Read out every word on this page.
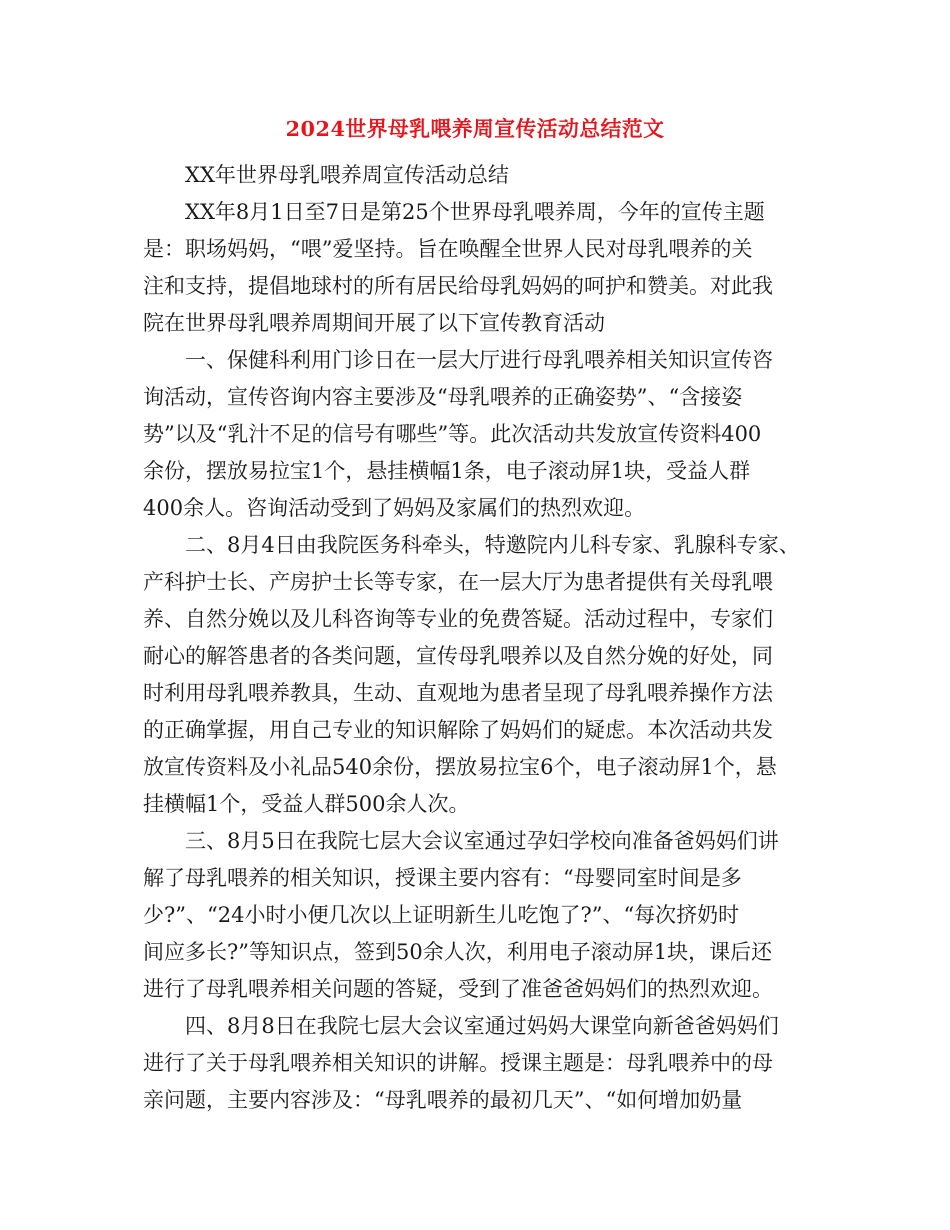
2024世界母乳喂养周宣传活动总结范文
XX年世界母乳喂养周宣传活动总结
XX年8月1日至7日是第25个世界母乳喂养周，今年的宣传主题
是：职场妈妈，“喂”爱坚持。旨在唤醒全世界人民对母乳喂养的关
注和支持，提倡地球村的所有居民给母乳妈妈的呵护和赞美。对此我
院在世界母乳喂养周期间开展了以下宣传教育活动
一、保健科利用门诊日在一层大厅进行母乳喂养相关知识宣传咨
询活动，宣传咨询内容主要涉及“母乳喂养的正确姿势”、“含接姿
势”以及“乳汁不足的信号有哪些”等。此次活动共发放宣传资料400
余份，摆放易拉宝1个，悬挂横幅1条，电子滚动屏1块，受益人群
400余人。咨询活动受到了妈妈及家属们的热烈欢迎。
二、8月4日由我院医务科牵头，特邀院内儿科专家、乳腺科专家、
产科护士长、产房护士长等专家，在一层大厅为患者提供有关母乳喂
养、自然分娩以及儿科咨询等专业的免费答疑。活动过程中，专家们
耐心的解答患者的各类问题，宣传母乳喂养以及自然分娩的好处，同
时利用母乳喂养教具，生动、直观地为患者呈现了母乳喂养操作方法
的正确掌握，用自己专业的知识解除了妈妈们的疑虑。本次活动共发
放宣传资料及小礼品540余份，摆放易拉宝6个，电子滚动屏1个，悬
挂横幅1个，受益人群500余人次。
三、8月5日在我院七层大会议室通过孕妇学校向准备爸妈妈们讲
解了母乳喂养的相关知识，授课主要内容有：“母婴同室时间是多
少?”、“24小时小便几次以上证明新生儿吃饱了?”、“每次挤奶时
间应多长?”等知识点，签到50余人次，利用电子滚动屏1块，课后还
进行了母乳喂养相关问题的答疑，受到了准爸爸妈妈们的热烈欢迎。
四、8月8日在我院七层大会议室通过妈妈大课堂向新爸爸妈妈们
进行了关于母乳喂养相关知识的讲解。授课主题是：母乳喂养中的母
亲问题，主要内容涉及：“母乳喂养的最初几天”、“如何增加奶量
